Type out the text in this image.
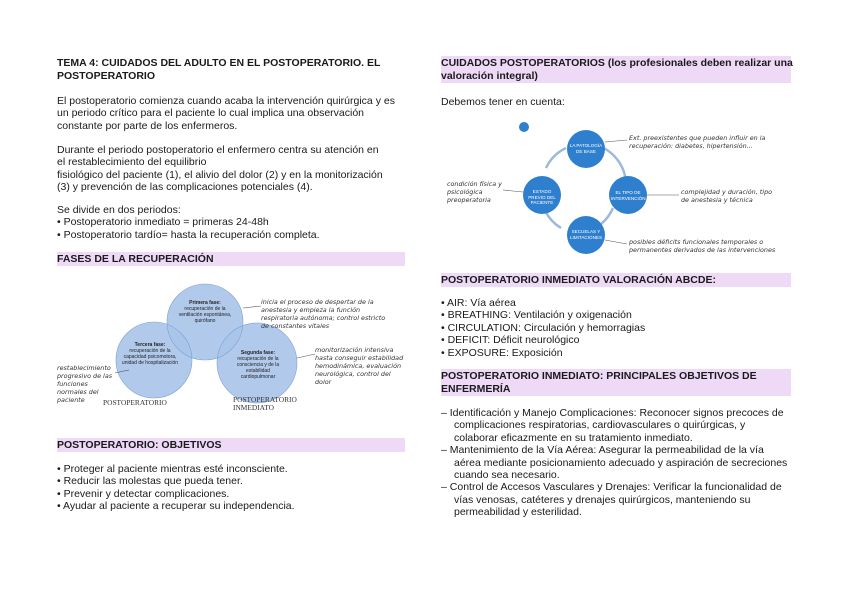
TEMA 4: CUIDADOS DEL ADULTO EN EL POSTOPERATORIO. EL POSTOPERATORIO
El postoperatorio comienza cuando acaba la intervención quirúrgica y es un periodo crítico para el paciente lo cual implica una observación constante por parte de los enfermeros.
Durante el periodo postoperatorio el enfermero centra su atención en
el restablecimiento del equilibrio
fisiológico del paciente (1), el alivio del dolor (2) y en la monitorización
(3) y prevención de las complicaciones potenciales (4).
Se divide en dos periodos:
• Postoperatorio inmediato = primeras 24-48h
• Postoperatorio tardío= hasta la recuperación completa.
FASES DE LA RECUPERACIÓN
Primera fase:
recuperación de la ventilación espontánea, quirófano
Segunda fase:
recuperación de la consciencia y de la estabilidad cardiopulmonar
Tercera fase:
recuperación de la capacidad psicomotora, unidad de hospitalización
inicia el proceso de despertar de la anestesia y empieza la función respiratoria autónoma; control estricto de constantes vitales
monitorización intensiva hasta conseguir estabilidad hemodinámica, evaluación neurológica, control del dolor
restablecimiento progresivo de las funciones normales del paciente	POSTOPERATORIO	POSTOPERATORIO
INMEDIATO
POSTOPERATORIO: OBJETIVOS
• Proteger al paciente mientras esté inconsciente.
• Reducir las molestas que pueda tener.
• Prevenir y detectar complicaciones.
• Ayudar al paciente a recuperar su independencia.
CUIDADOS POSTOPERATORIOS (los profesionales deben realizar una valoración integral)
Debemos tener en cuenta:
LA PATOLOGÍA DE BASE
EL TIPO DE INTERVENCIÓN
SECUELAS Y LIMITACIONES
ESTADO PREVIO DEL PACIENTE
Ext. preexistentes que pueden influir en la recuperación: diabetes, hipertensión...
complejidad y duración, tipo de anestesia y técnica
posibles déficits funcionales temporales o permanentes derivados de las intervenciones
condición física y psicológica preoperatoria
POSTOPERATORIO INMEDIATO VALORACIÓN ABCDE:
• AIR: Vía aérea
• BREATHING: Ventilación y oxigenación
• CIRCULATION: Circulación y hemorragias
• DEFICIT: Déficit neurológico
• EXPOSURE: Exposición
POSTOPERATORIO INMEDIATO: PRINCIPALES OBJETIVOS DE ENFERMERÍA
– Identificación y Manejo Complicaciones: Reconocer signos precoces de complicaciones respiratorias, cardiovasculares o quirúrgicas, y colaborar eficazmente en su tratamiento inmediato.
– Mantenimiento de la Vía Aérea: Asegurar la permeabilidad de la vía aérea mediante posicionamiento adecuado y aspiración de secreciones cuando sea necesario.
– Control de Accesos Vasculares y Drenajes: Verificar la funcionalidad de vías venosas, catéteres y drenajes quirúrgicos, manteniendo su permeabilidad y esterilidad.
